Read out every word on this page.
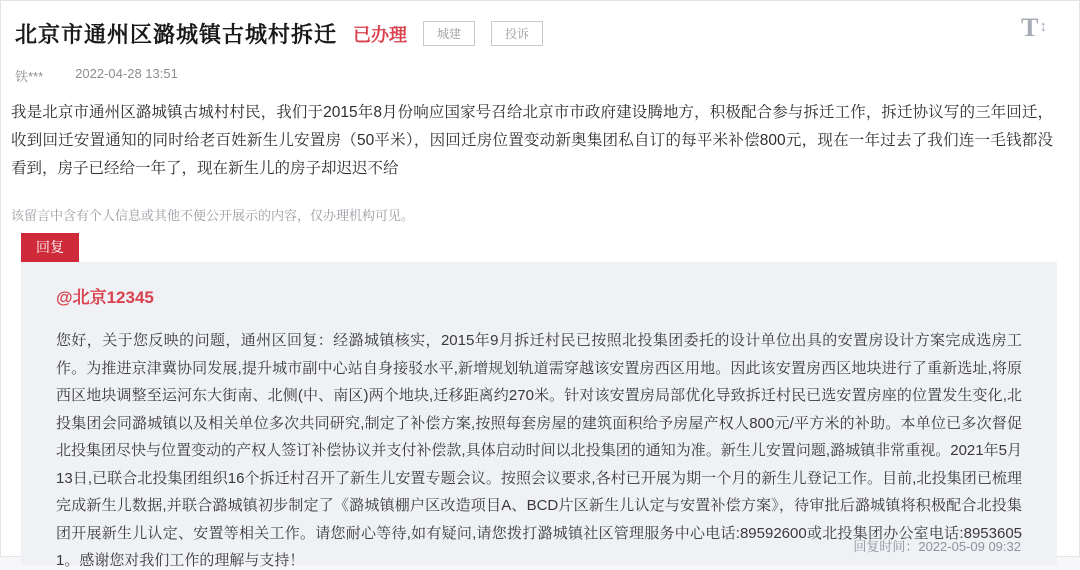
北京市通州区潞城镇古城村拆迁 已办理	城建	投诉	T ↕
铁*** 2022-04-28 13:51
我是北京市通州区潞城镇古城村村民，我们于2015年8月份响应国家号召给北京市市政府建设腾地方，积极配合参与拆迁工作，拆迁协议写的三年回迁，收到回迁安置通知的同时给老百姓新生儿安置房（50平米），因回迁房位置变动新奥集团私自订的每平米补偿800元，现在一年过去了我们连一毛钱都没看到，房子已经给一年了，现在新生儿的房子却迟迟不给
该留言中含有个人信息或其他不便公开展示的内容，仅办理机构可见。
回复
@北京12345
您好，关于您反映的问题，通州区回复：经潞城镇核实，2015年9月拆迁村民已按照北投集团委托的设计单位出具的安置房设计方案完成选房工作。为推进京津冀协同发展,提升城市副中心站自身接驳水平,新增规划轨道需穿越该安置房西区用地。因此该安置房西区地块进行了重新选址,将原西区地块调整至运河东大街南、北侧(中、南区)两个地块,迁移距离约270米。针对该安置房局部优化导致拆迁村民已选安置房座的位置发生变化,北投集团会同潞城镇以及相关单位多次共同研究,制定了补偿方案,按照每套房屋的建筑面积给予房屋产权人800元/平方米的补助。本单位已多次督促北投集团尽快与位置变动的产权人签订补偿协议并支付补偿款,具体启动时间以北投集团的通知为准。新生儿安置问题,潞城镇非常重视。2021年5月13日,已联合北投集团组织16个拆迁村召开了新生儿安置专题会议。按照会议要求,各村已开展为期一个月的新生儿登记工作。目前,北投集团已梳理完成新生儿数据,并联合潞城镇初步制定了《潞城镇棚户区改造项目A、BCD片区新生儿认定与安置补偿方案》，待审批后潞城镇将积极配合北投集团开展新生儿认定、安置等相关工作。请您耐心等待,如有疑问,请您拨打潞城镇社区管理服务中心电话:89592600或北投集团办公室电话:89536051。感谢您对我们工作的理解与支持！
回复时间：2022-05-09 09:32
